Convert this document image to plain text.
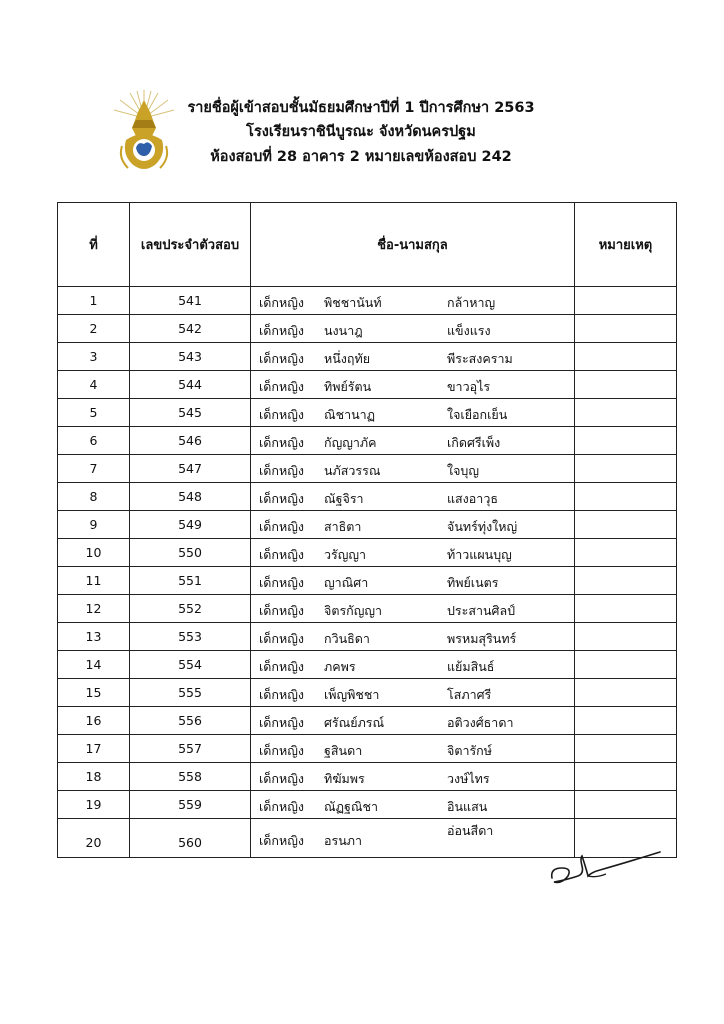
รายชื่อผู้เข้าสอบชั้นมัธยมศึกษาปีที่ 1 ปีการศึกษา 2563
โรงเรียนราชินีบูรณะ จังหวัดนครปฐม
ห้องสอบที่ 28 อาคาร 2 หมายเลขห้องสอบ 242
ที่	เลขประจำตัวสอบ	ชื่อ-นามสกุล	หมายเหตุ
1	541	เด็กหญิง พิชชานันท์ กล้าหาญ	

2	542	เด็กหญิง นงนาฎ แข็งแรง	

3	543	เด็กหญิง หนึ่งฤทัย พีระสงคราม	

4	544	เด็กหญิง ทิพย์รัตน ขาวอุไร	

5	545	เด็กหญิง ณิชานาฏ ใจเยือกเย็น	

6	546	เด็กหญิง กัญญาภัค เกิดศรีเพ็ง	

7	547	เด็กหญิง นภัสวรรณ ใจบุญ	

8	548	เด็กหญิง ณัฐจิรา แสงอาวุธ	

9	549	เด็กหญิง สาธิตา จันทร์ทุ่งใหญ่	

10	550	เด็กหญิง วรัญญา ท้าวแผนบุญ	

11	551	เด็กหญิง ญาณิศา ทิพย์เนตร	

12	552	เด็กหญิง จิตรกัญญา ประสานศิลป์	

13	553	เด็กหญิง กวินธิดา พรหมสุรินทร์	

14	554	เด็กหญิง ภคพร แย้มสินธ์	

15	555	เด็กหญิง เพ็ญพิชชา โสภาศรี	

16	556	เด็กหญิง ศรัณย์ภรณ์ อติวงศ์ธาดา	

17	557	เด็กหญิง ฐสินดา จิตารักษ์	

18	558	เด็กหญิง ทิฆัมพร วงษ์ไทร	

19	559	เด็กหญิง ณัฏฐณิชา อินแสน	

20	560	เด็กหญิง อรนภา
อ่อนสีดา	
